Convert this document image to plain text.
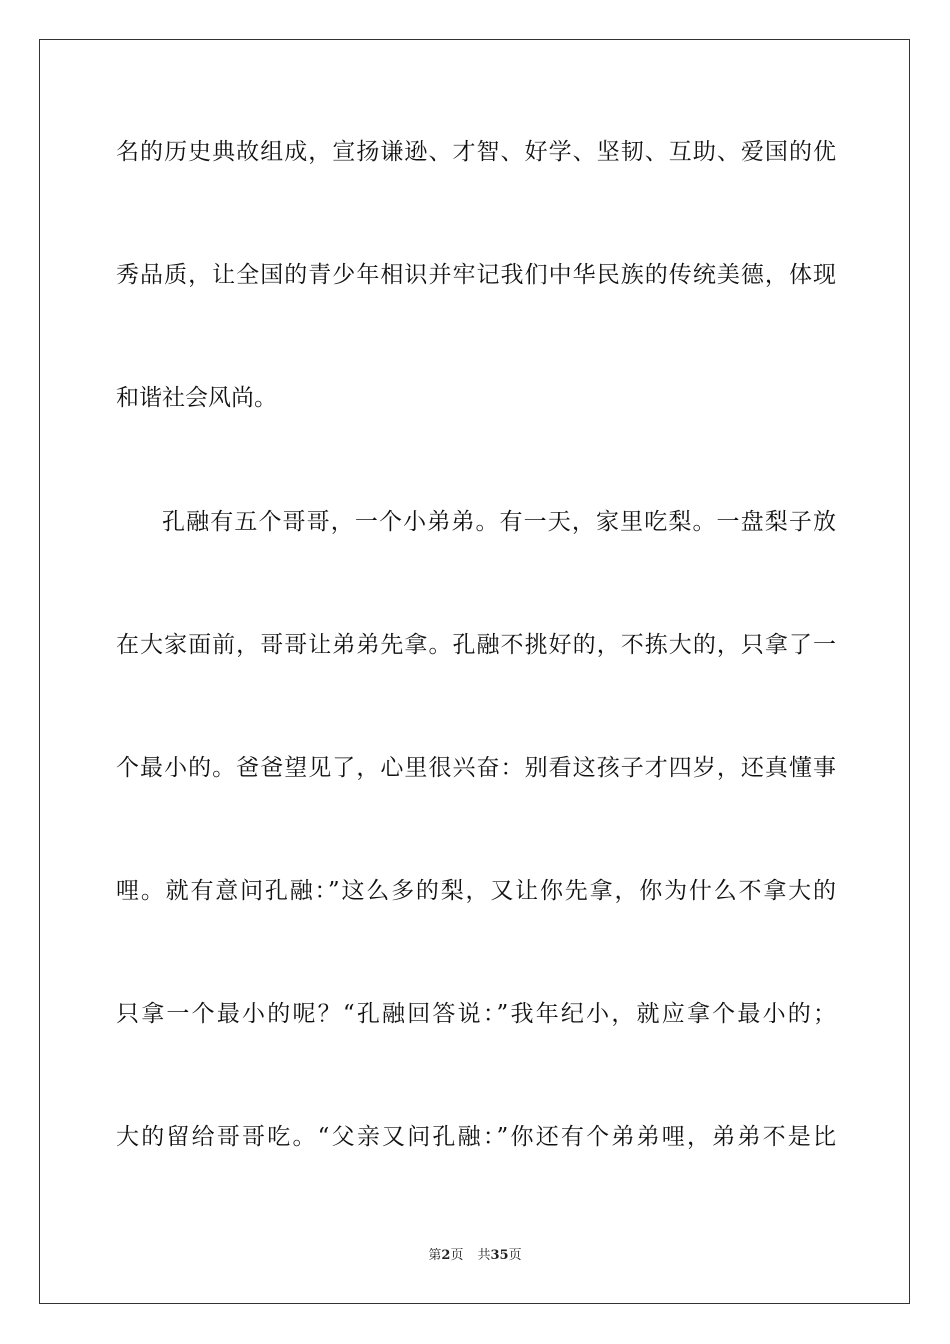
名的历史典故组成，宣扬谦逊、才智、好学、坚韧、互助、爱国的优
秀品质，让全国的青少年相识并牢记我们中华民族的传统美德，体现
和谐社会风尚。
孔融有五个哥哥，一个小弟弟。有一天，家里吃梨。一盘梨子放
在大家面前，哥哥让弟弟先拿。孔融不挑好的，不拣大的，只拿了一
个最小的。爸爸望见了，心里很兴奋：别看这孩子才四岁，还真懂事
哩。就有意问孔融：”这么多的梨，又让你先拿，你为什么不拿大的
只拿一个最小的呢？“孔融回答说：”我年纪小，就应拿个最小的；
大的留给哥哥吃。“父亲又问孔融：”你还有个弟弟哩，弟弟不是比
第2页 共35页
